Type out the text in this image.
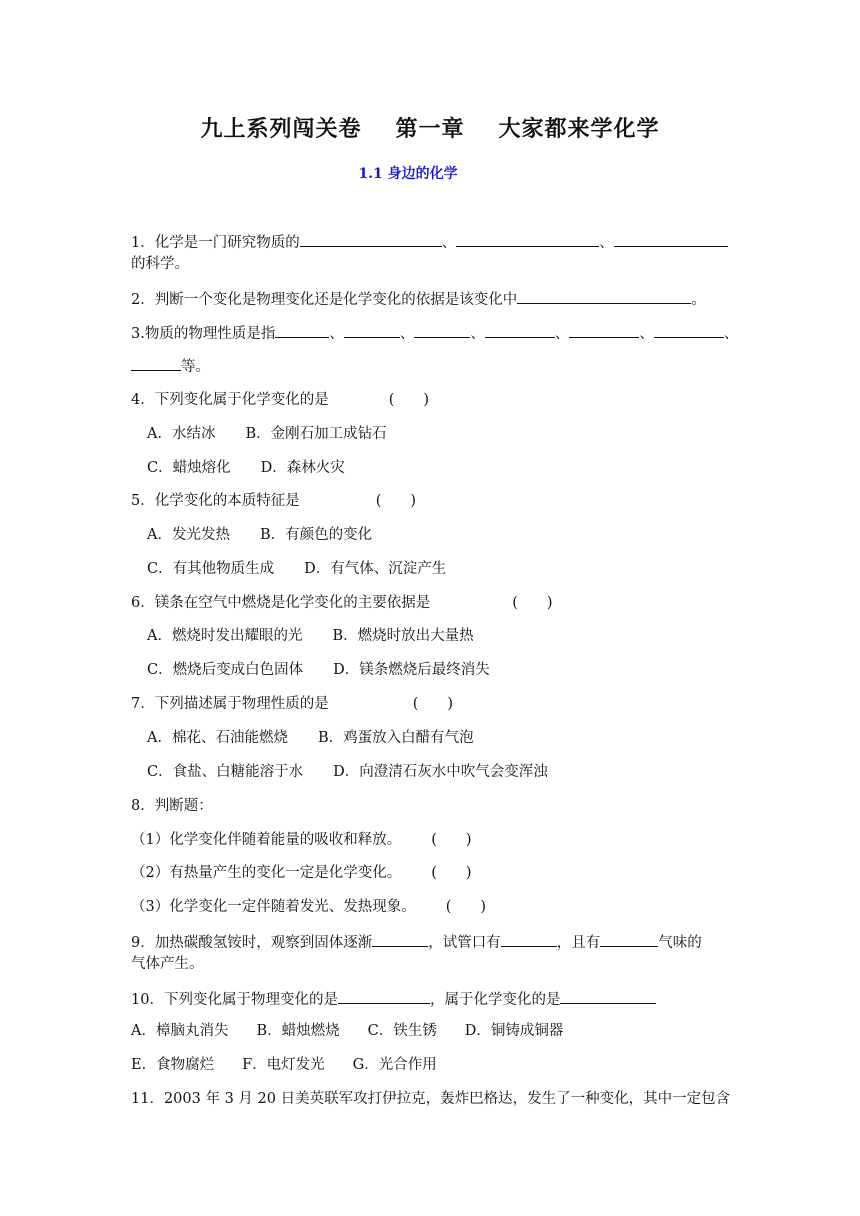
九上系列闯关卷 第一章 大家都来学化学
1.1 身边的化学
1．化学是一门研究物质的	、	、
的科学。
2．判断一个变化是物理变化还是化学变化的依据是该变化中	。
3.物质的物理性质是指	、	、	、	、	、	、
等。
4．下列变化属于化学变化的是	(　　)
A．水结冰 B．金刚石加工成钻石
C．蜡烛熔化 D．森林火灾
5．化学变化的本质特征是	(　　)
A．发光发热 B．有颜色的变化
C．有其他物质生成 D．有气体、沉淀产生
6．镁条在空气中燃烧是化学变化的主要依据是	(　　)
A．燃烧时发出耀眼的光 B．燃烧时放出大量热
C．燃烧后变成白色固体 D．镁条燃烧后最终消失
7．下列描述属于物理性质的是	(　　)
A．棉花、石油能燃烧 B．鸡蛋放入白醋有气泡
C．食盐、白糖能溶于水 D．向澄清石灰水中吹气会变浑浊
8．判断题：
（1）化学变化伴随着能量的吸收和释放。 (　　)
（2）有热量产生的变化一定是化学变化。 (　　)
（3）化学变化一定伴随着发光、发热现象。 (　　)
9．加热碳酸氢铵时，观察到固体逐渐	，试管口有	，且有	气味的
气体产生。
10．下列变化属于物理变化的是	，属于化学变化的是
A．樟脑丸消失 B．蜡烛燃烧 C．铁生锈 D．铜铸成铜器
E．食物腐烂 F．电灯发光 G．光合作用
11．2003 年 3 月 20 日美英联军攻打伊拉克，轰炸巴格达，发生了一种变化，其中一定包含
